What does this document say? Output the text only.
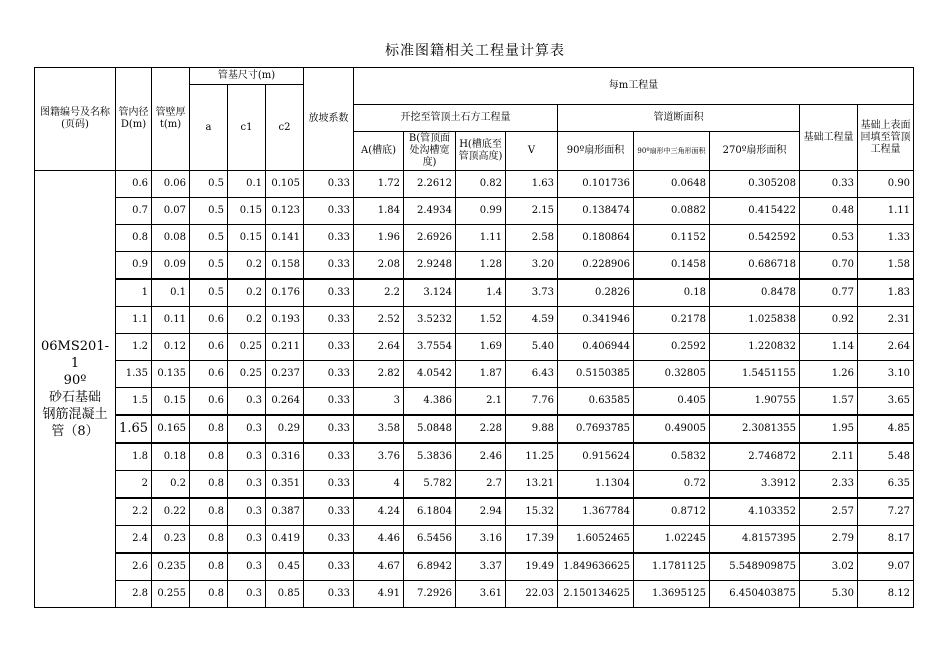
标准图籍相关工程量计算表
图籍编号及名称(页码)	管内径D(m)	管壁厚t(m)	管基尺寸(m)			放坡系数	每m工程量								
			a	c1	c2										
							开挖至管顶土石方工程量				管道断面积			基础工程量	基础上表面回填至管顶工程量
							A(槽底)	B(管顶面处沟槽宽度)	H(槽底至管顶高度)	V	90º扇形面积	90º扇形中三角形面积	270º扇形面积		

06MS201-1
90º
砂石基础
钢筋混凝土
管（8）	0.6	0.06	0.5	0.1	0.105	0.33	1.72	2.2612	0.82	1.63	0.101736	0.0648	0.305208	0.33	0.90
	0.7	0.07	0.5	0.15	0.123	0.33	1.84	2.4934	0.99	2.15	0.138474	0.0882	0.415422	0.48	1.11
	0.8	0.08	0.5	0.15	0.141	0.33	1.96	2.6926	1.11	2.58	0.180864	0.1152	0.542592	0.53	1.33
	0.9	0.09	0.5	0.2	0.158	0.33	2.08	2.9248	1.28	3.20	0.228906	0.1458	0.686718	0.70	1.58
	1	0.1	0.5	0.2	0.176	0.33	2.2	3.124	1.4	3.73	0.2826	0.18	0.8478	0.77	1.83
	1.1	0.11	0.6	0.2	0.193	0.33	2.52	3.5232	1.52	4.59	0.341946	0.2178	1.025838	0.92	2.31
	1.2	0.12	0.6	0.25	0.211	0.33	2.64	3.7554	1.69	5.40	0.406944	0.2592	1.220832	1.14	2.64
	1.35	0.135	0.6	0.25	0.237	0.33	2.82	4.0542	1.87	6.43	0.5150385	0.32805	1.5451155	1.26	3.10
	1.5	0.15	0.6	0.3	0.264	0.33	3	4.386	2.1	7.76	0.63585	0.405	1.90755	1.57	3.65
	1.65	0.165	0.8	0.3	0.29	0.33	3.58	5.0848	2.28	9.88	0.7693785	0.49005	2.3081355	1.95	4.85
	1.8	0.18	0.8	0.3	0.316	0.33	3.76	5.3836	2.46	11.25	0.915624	0.5832	2.746872	2.11	5.48
	2	0.2	0.8	0.3	0.351	0.33	4	5.782	2.7	13.21	1.1304	0.72	3.3912	2.33	6.35
	2.2	0.22	0.8	0.3	0.387	0.33	4.24	6.1804	2.94	15.32	1.367784	0.8712	4.103352	2.57	7.27
	2.4	0.23	0.8	0.3	0.419	0.33	4.46	6.5456	3.16	17.39	1.6052465	1.02245	4.8157395	2.79	8.17
	2.6	0.235	0.8	0.3	0.45	0.33	4.67	6.8942	3.37	19.49	1.849636625	1.1781125	5.548909875	3.02	9.07
	2.8	0.255	0.8	0.3	0.85	0.33	4.91	7.2926	3.61	22.03	2.150134625	1.3695125	6.450403875	5.30	8.12
